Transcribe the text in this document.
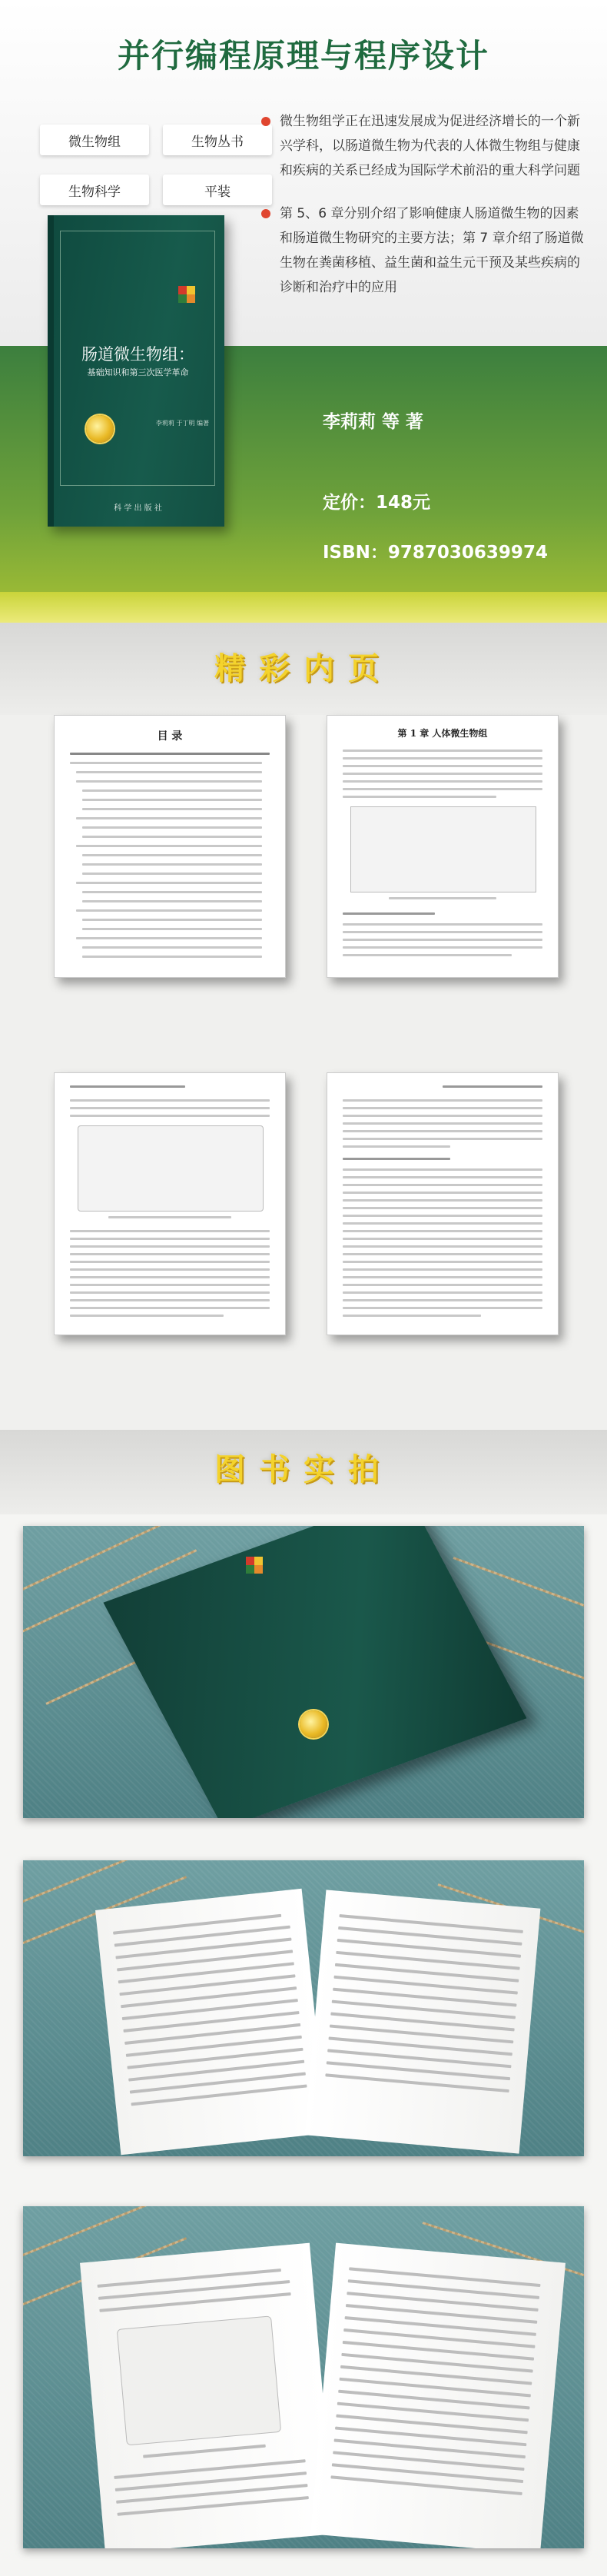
并行编程原理与程序设计
微生物组	生物丛书
生物科学	平装
微生物组学正在迅速发展成为促进经济增长的一个新兴学科，以肠道微生物为代表的人体微生物组与健康和疾病的关系已经成为国际学术前沿的重大科学问题
第 5、6 章分别介绍了影响健康人肠道微生物的因素和肠道微生物研究的主要方法；第 7 章介绍了肠道微生物在粪菌移植、益生菌和益生元干预及某些疾病的诊断和治疗中的应用
李莉莉 等 著
定价：148元
ISBN：9787030639974
肠道微生物组：
基础知识和第三次医学革命
李莉莉 于丁明 编著
科 学 出 版 社
精彩内页
目 录	第 1 章 人体微生物组
图书实拍
